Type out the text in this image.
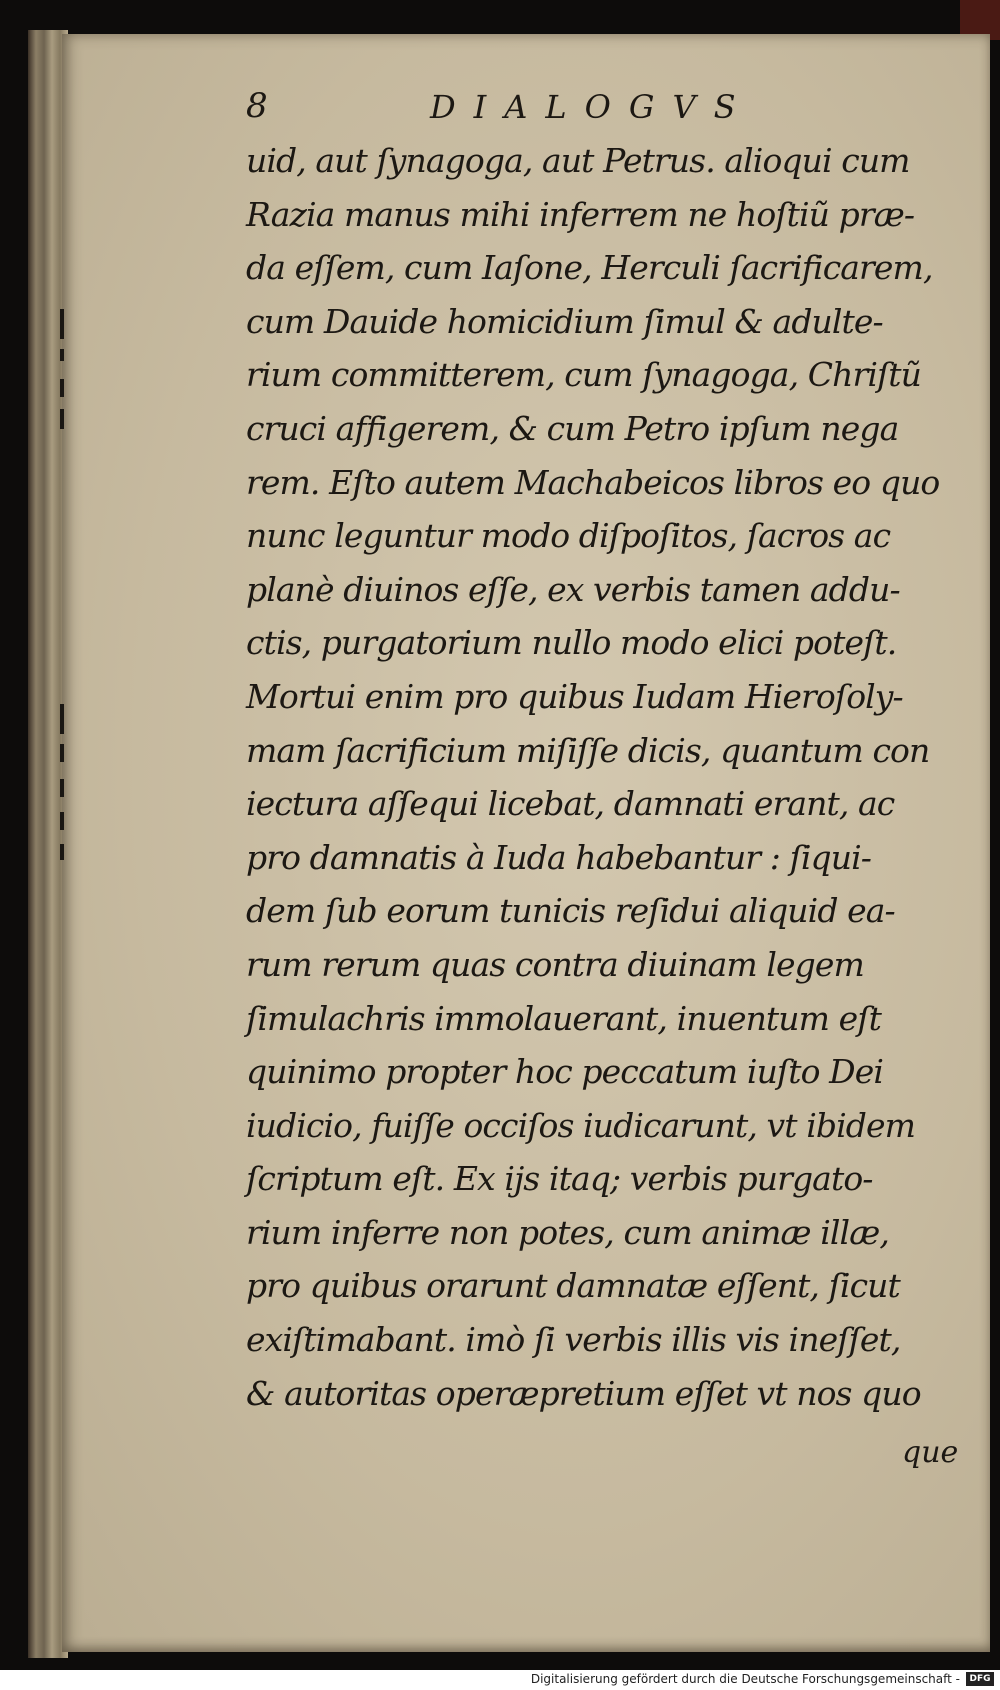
8	DIALOGVS
uid, aut ſynagoga, aut Petrus. alioqui cum
Razia manus mihi inferrem ne hoſtiũ præ-
da eſſem, cum Iaſone, Herculi ſacrificarem,
cum Dauide homicidium ſimul & adulte-
rium committerem, cum ſynagoga, Chriſtũ
cruci affigerem, & cum Petro ipſum nega
rem. Eſto autem Machabeicos libros eo quo
nunc leguntur modo diſpoſitos, ſacros ac
planè diuinos eſſe, ex verbis tamen addu-
ctis, purgatorium nullo modo elici poteſt.
Mortui enim pro quibus Iudam Hieroſoly-
mam ſacrificium miſiſſe dicis, quantum con
iectura aſſequi licebat, damnati erant, ac
pro damnatis à Iuda habebantur : ſiqui-
dem ſub eorum tunicis reſidui aliquid ea-
rum rerum quas contra diuinam legem
ſimulachris immolauerant, inuentum eſt
quinimo propter hoc peccatum iuſto Dei
iudicio, fuiſſe occiſos iudicarunt, vt ibidem
ſcriptum eſt. Ex ijs itaq; verbis purgato-
rium inferre non potes, cum animæ illæ,
pro quibus orarunt damnatæ eſſent, ſicut
exiſtimabant. imò ſi verbis illis vis ineſſet,
& autoritas operæpretium eſſet vt nos quo
que
Digitalisierung gefördert durch die Deutsche Forschungsgemeinschaft -	DFG
